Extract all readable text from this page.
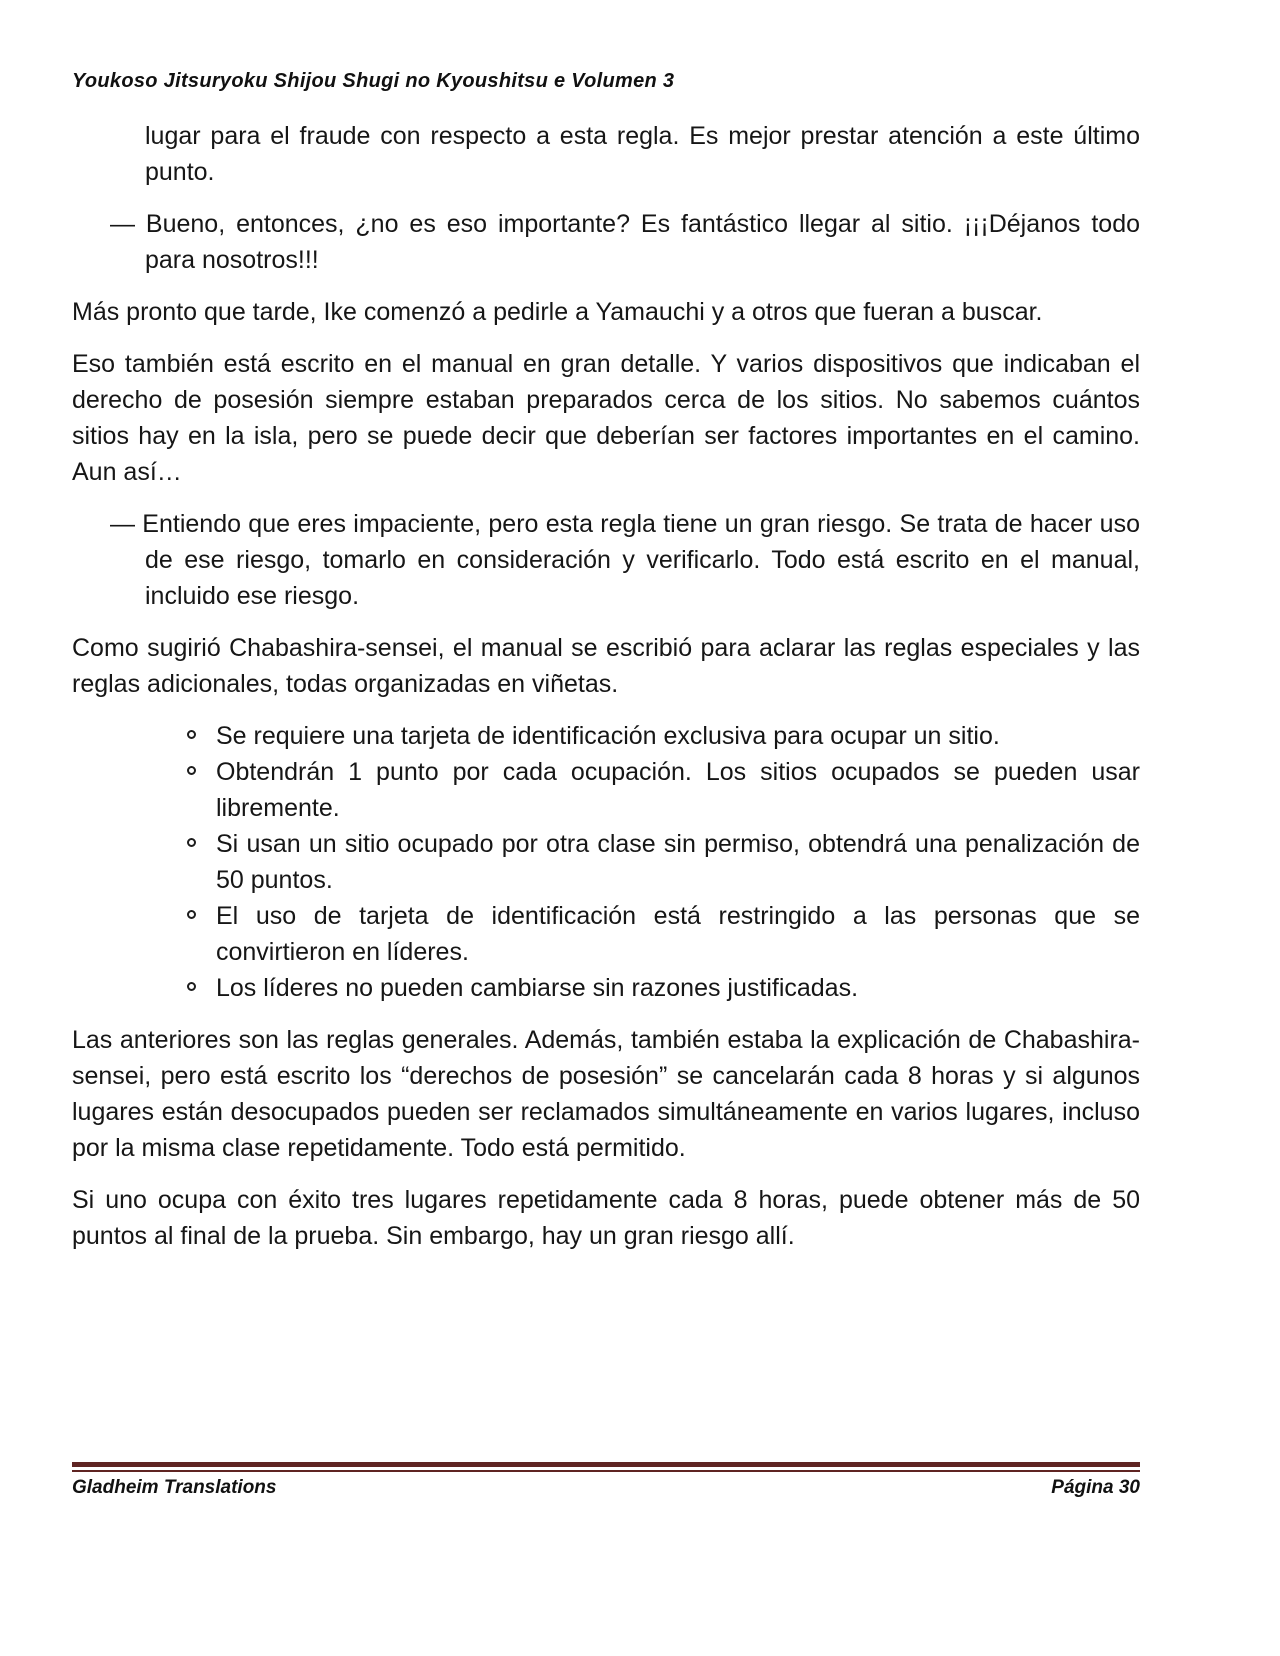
Youkoso Jitsuryoku Shijou Shugi no Kyoushitsu e Volumen 3

lugar para el fraude con respecto a esta regla. Es mejor prestar atención a este último punto.

— Bueno, entonces, ¿no es eso importante? Es fantástico llegar al sitio. ¡¡¡Déjanos todo para nosotros!!!

Más pronto que tarde, Ike comenzó a pedirle a Yamauchi y a otros que fueran a buscar.

Eso también está escrito en el manual en gran detalle. Y varios dispositivos que indicaban el derecho de posesión siempre estaban preparados cerca de los sitios. No sabemos cuántos sitios hay en la isla, pero se puede decir que deberían ser factores importantes en el camino. Aun así…

— Entiendo que eres impaciente, pero esta regla tiene un gran riesgo. Se trata de hacer uso de ese riesgo, tomarlo en consideración y verificarlo. Todo está escrito en el manual, incluido ese riesgo.

Como sugirió Chabashira-sensei, el manual se escribió para aclarar las reglas especiales y las reglas adicionales, todas organizadas en viñetas.

Se requiere una tarjeta de identificación exclusiva para ocupar un sitio.
Obtendrán 1 punto por cada ocupación. Los sitios ocupados se pueden usar libremente.
Si usan un sitio ocupado por otra clase sin permiso, obtendrá una penalización de 50 puntos.
El uso de tarjeta de identificación está restringido a las personas que se convirtieron en líderes.
Los líderes no pueden cambiarse sin razones justificadas.

Las anteriores son las reglas generales. Además, también estaba la explicación de Chabashira-sensei, pero está escrito los “derechos de posesión” se cancelarán cada 8 horas y si algunos lugares están desocupados pueden ser reclamados simultáneamente en varios lugares, incluso por la misma clase repetidamente. Todo está permitido.

Si uno ocupa con éxito tres lugares repetidamente cada 8 horas, puede obtener más de 50 puntos al final de la prueba. Sin embargo, hay un gran riesgo allí.

Gladheim Translations	Página 30
